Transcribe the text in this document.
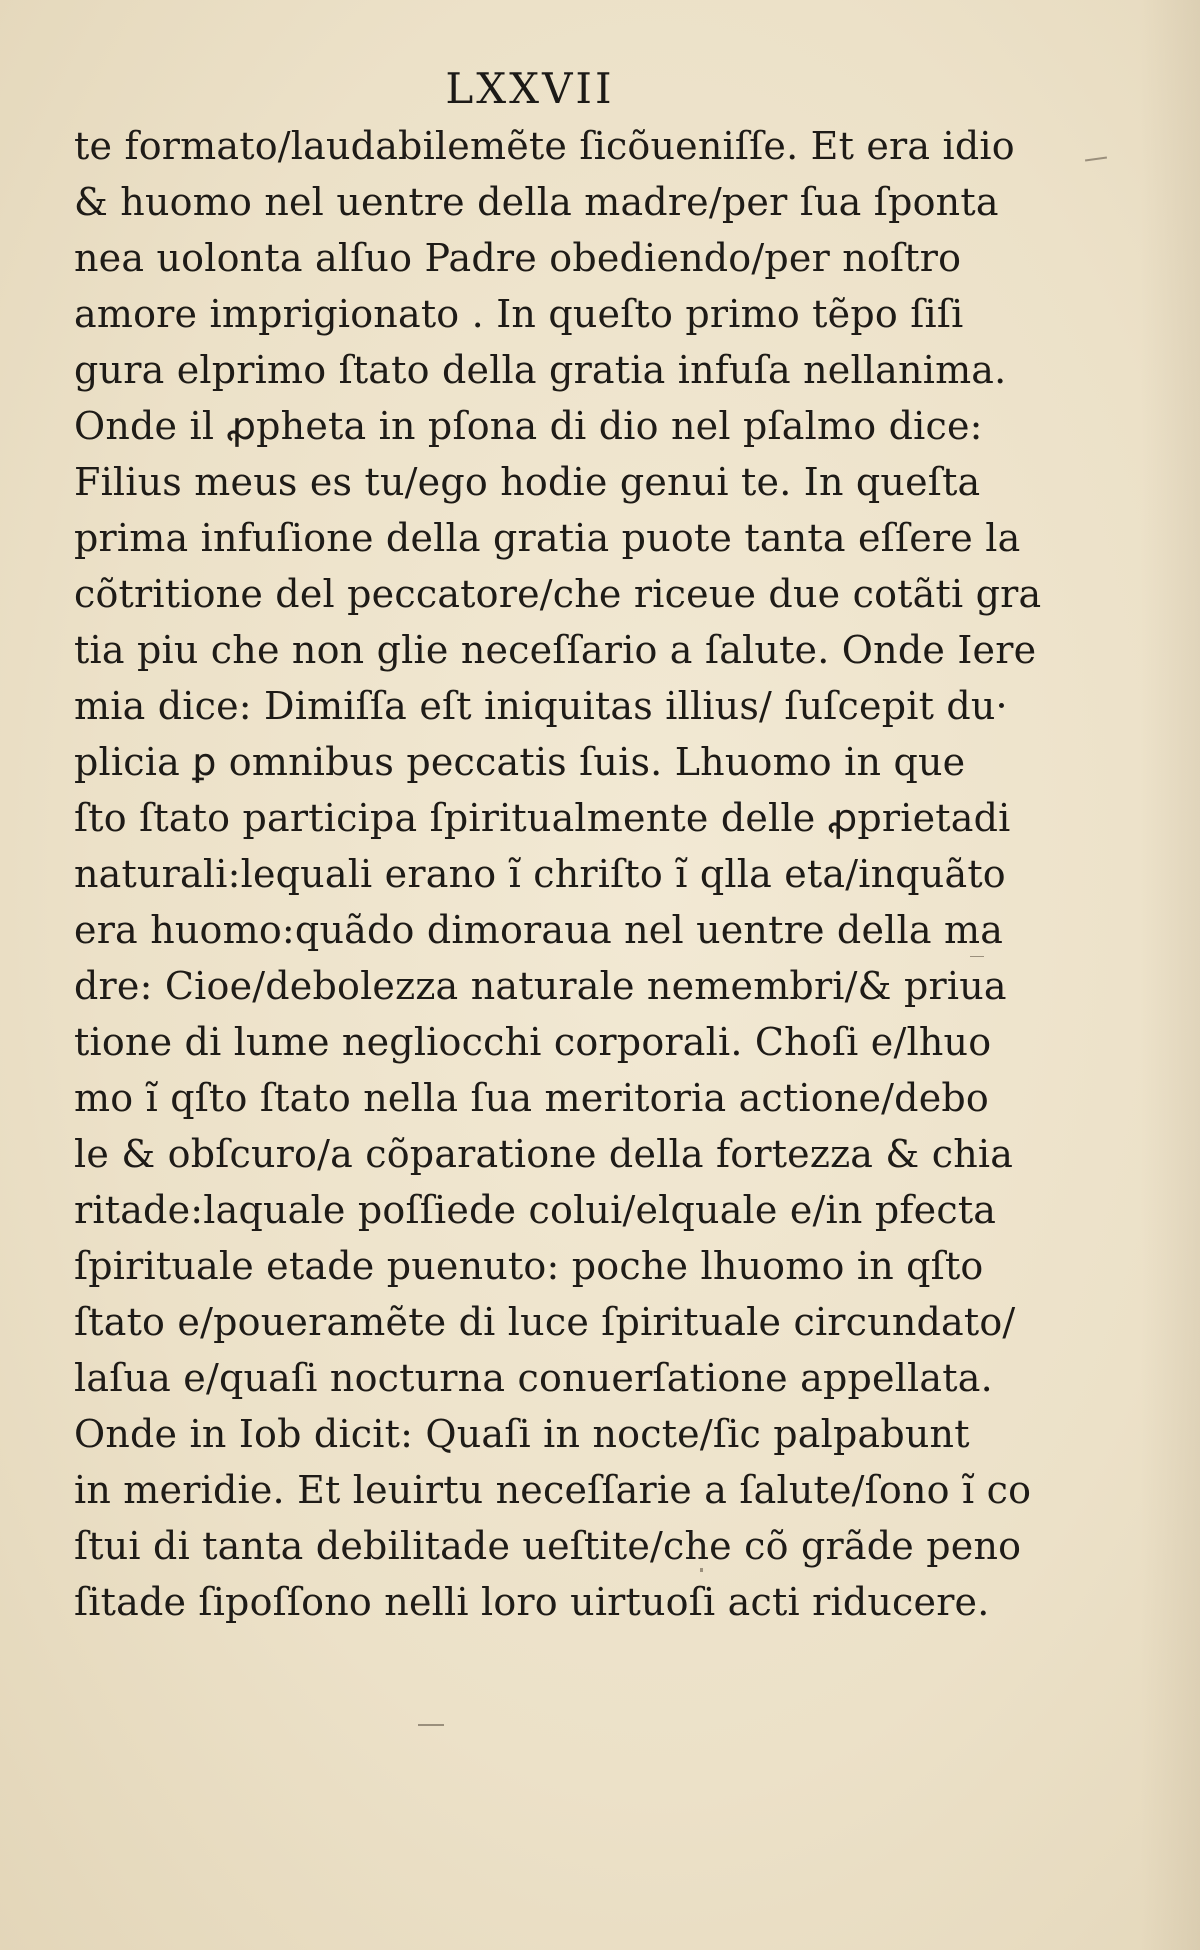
LXXVII
te formato/laudabilemẽte ſicõueniſſe. Et era idio
& huomo nel uentre della madre/per ſua ſponta
nea uolonta alſuo Padre obediendo/per noſtro
amore imprigionato . In queſto primo tẽpo ſiſi
gura elprimo ſtato della gratia infuſa nellanima.
Onde il ꝓpheta in pſona di dio nel pſalmo dice:
Filius meus es tu/ego hodie genui te. In queſta
prima infuſione della gratia puote tanta eſſere la
cõtritione del peccatore/che riceue due cotãti gra
tia piu che non glie neceſſario a ſalute. Onde Iere
mia dice: Dimiſſa eſt iniquitas illius/ ſuſcepit du·
plicia ꝑ omnibus peccatis ſuis. Lhuomo in que
ſto ſtato participa ſpiritualmente delle ꝓprietadi
naturali:lequali erano ĩ chriſto ĩ qlla eta/inquãto
era huomo:quãdo dimoraua nel uentre della ma
dre: Cioe/debolezza naturale nemembri/& priua
tione di lume negliocchi corporali. Choſi e/lhuo
mo ĩ qſto ſtato nella ſua meritoria actione/debo
le & obſcuro/a cõparatione della fortezza & chia
ritade:laquale poſſiede colui/elquale e/in pfecta
ſpirituale etade puenuto: poche lhuomo in qſto
ſtato e/poueramẽte di luce ſpirituale circundato/
laſua e/quaſi nocturna conuerſatione appellata.
Onde in Iob dicit: Quaſi in nocte/ſic palpabunt
in meridie. Et leuirtu neceſſarie a ſalute/ſono ĩ co
ſtui di tanta debilitade ueſtite/che cõ grãde peno
ſitade ſipoſſono nelli loro uirtuoſi acti riducere.
